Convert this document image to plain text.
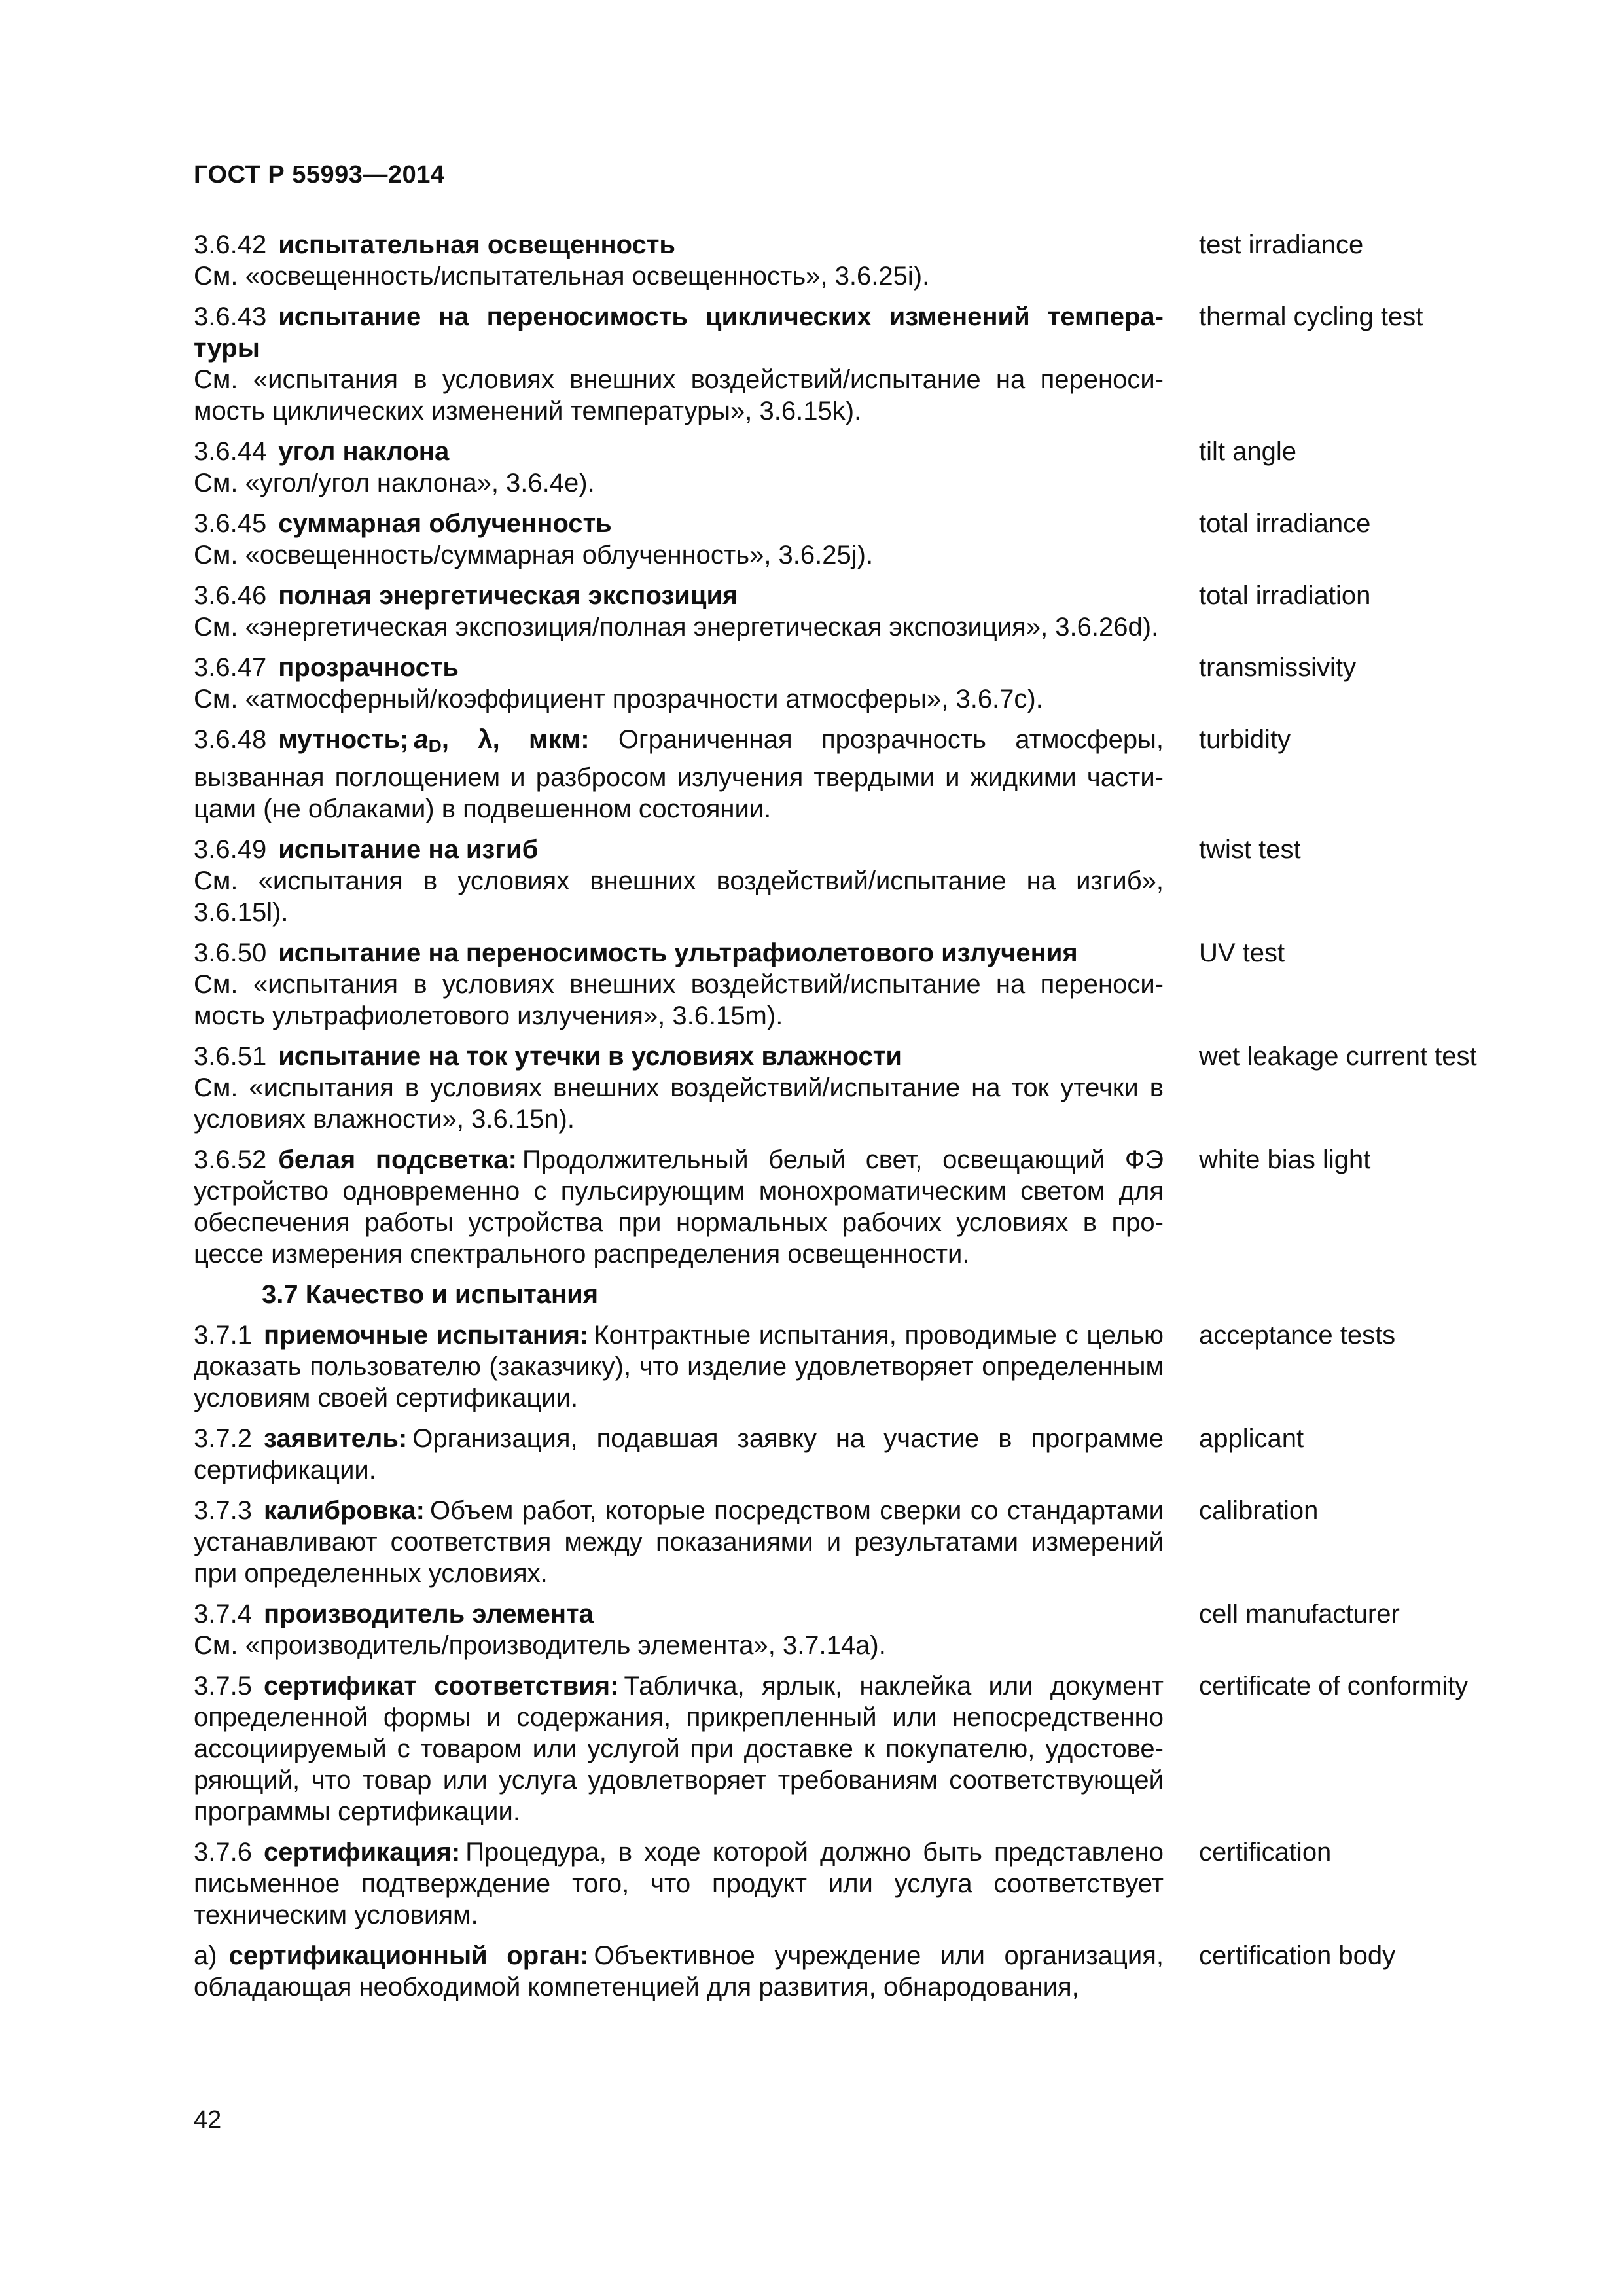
ГОСТ Р 55993—2014
3.6.42 испытательная освещенность
См. «освещенность/испытательная освещенность», 3.6.25i).
test irradiance
3.6.43 испытание на переносимость циклических изменений температуры
См. «испытания в условиях внешних воздействий/испытание на переносимость циклических изменений температуры», 3.6.15k).
thermal cycling test
3.6.44 угол наклона
См. «угол/угол наклона», 3.6.4e).
tilt angle
3.6.45 суммарная облученность
См. «освещенность/суммарная облученность», 3.6.25j).
total irradiance
3.6.46 полная энергетическая экспозиция
См. «энергетическая экспозиция/полная энергетическая экспозиция», 3.6.26d).
total irradiation
3.6.47 прозрачность
См. «атмосферный/коэффициент прозрачности атмосферы», 3.6.7c).
transmissivity
3.6.48 мутность; aD, λ, мкм: Ограниченная прозрачность атмосферы, вызванная поглощением и разбросом излучения твердыми и жидкими частицами (не облаками) в подвешенном состоянии.
turbidity
3.6.49 испытание на изгиб
См. «испытания в условиях внешних воздействий/испытание на изгиб», 3.6.15l).
twist test
3.6.50 испытание на переносимость ультрафиолетового излучения
См. «испытания в условиях внешних воздействий/испытание на переносимость ультрафиолетового излучения», 3.6.15m).
UV test
3.6.51 испытание на ток утечки в условиях влажности
См. «испытания в условиях внешних воздействий/испытание на ток утечки в условиях влажности», 3.6.15n).
wet leakage current test
3.6.52 белая подсветка: Продолжительный белый свет, освещающий ФЭ устройство одновременно с пульсирующим монохроматическим светом для обеспечения работы устройства при нормальных рабочих условиях в процессе измерения спектрального распределения освещенности.
white bias light
3.7 Качество и испытания
3.7.1 приемочные испытания: Контрактные испытания, проводимые с целью доказать пользователю (заказчику), что изделие удовлетворяет определенным условиям своей сертификации.
acceptance tests
3.7.2 заявитель: Организация, подавшая заявку на участие в программе сертификации.
applicant
3.7.3 калибровка: Объем работ, которые посредством сверки со стандартами устанавливают соответствия между показаниями и результатами измерений при определенных условиях.
calibration
3.7.4 производитель элемента
См. «производитель/производитель элемента», 3.7.14a).
cell manufacturer
3.7.5 сертификат соответствия: Табличка, ярлык, наклейка или документ определенной формы и содержания, прикрепленный или непосредственно ассоциируемый с товаром или услугой при доставке к покупателю, удостоверяющий, что товар или услуга удовлетворяет требованиям соответствующей программы сертификации.
certificate of conformity
3.7.6 сертификация: Процедура, в ходе которой должно быть представлено письменное подтверждение того, что продукт или услуга соответствует техническим условиям.
certification
а) сертификационный орган: Объективное учреждение или организация, обладающая необходимой компетенцией для развития, обнародования,
certification body
42
